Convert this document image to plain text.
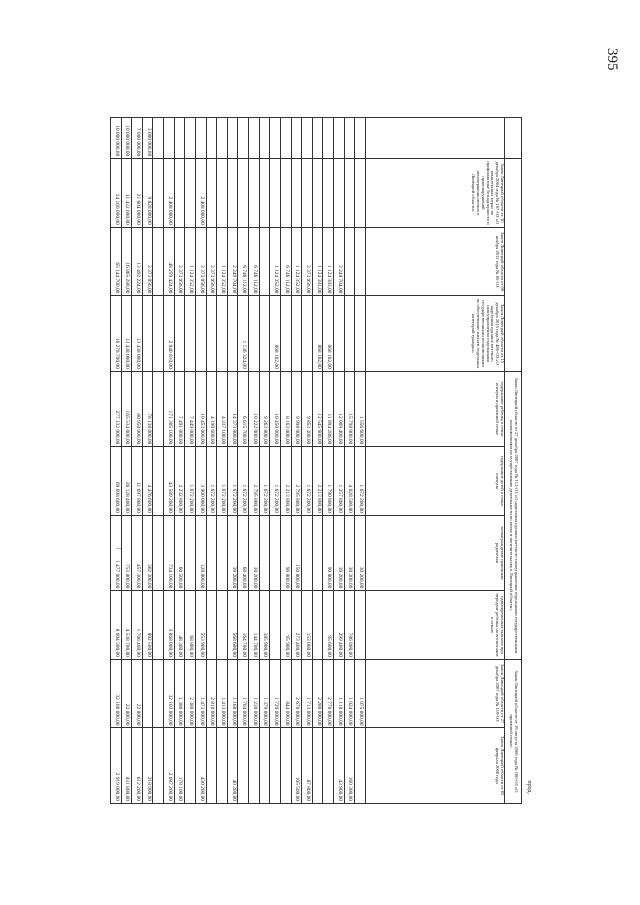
395
—
прод.
				Закон Липецкой области от 27 декабря 2007 года № 113-ОЗ «О наделении органов местного самоуправления отдельными государственными полномочиями по осуществлению деятельности по опеке и попечительству в Липецкой области»				Закон Липецкой области от 19 августа 2008 года № 180-ОЗ «О приемной семье»	
	Закон Липецкой области от 30 декабря 2004 года № 167-ОЗ «О комплексных мерах по профилактике безнадзорности и правонарушений несовершеннолетних в Липецкой области»	Закон Липецкой области от 08 ноября 2012 года № 86-ОЗ	Закон Липецкой области от 15 декабря 2015 года № 486-ОЗ «О наделении органов местного самоуправления отдельными государственными полномочиями по обеспечению жильем отдельных категорий граждан»	содержание ребенка в семье опекуна и приемной семье	содержание детей в семье опекуна	вознаграждение приемным родителям	единовременная выплата при передаче ребенка на воспитание в семью	Закон Липецкой области от 27 декабря 2007 года № 119-ОЗ	Закон Липецкой области от 05 февраля 2008 года
				1 556 600,00	1 672 200,00	30 200,00		1 075 000,00	
				15 798 000,00	4 028 500,00	30 200,00	786 800,00	1 024 000,00	160 300,00
		3 248 704,00		12 009 400,00	1 257 800,00	30 200,00	299 400,00	1 118 000,00	43 900,00
		1 124 383,00	868 162,00	11 894 286,00	1 790 800,00	90 800,00	95 600,00	2 770 000,00	
		1 124 383,00	868 162,00	12 545 900,00	2 213 800,00			2 280 000,00	
		3 373 056,00		9 853 300,00	1 672 200,00		153 000,00	1 713 000,00	87 800,00
		1 124 352,00		9 998 000,00	2 795 800,00	150 800,00	273 400,00	2 670 000,00	105 500,00
		6 746 112,00		8 163 000,00	2 213 800,00	90 800,00	95 900,00	844 000,00	
		1 124 352,00	868 162,00	10 450 000,00	1 672 200,00			1 729 000,00	
				9 263 800,00	1 672 200,00		385 900,00	1 379 000,00	
		6 746 112,00		10 222 000,00	2 795 800,00	30 200,00	144 700,00	1 230 000,00	
		6 746 112,00	1 136 324,00	6 615 700,00	1 672 200,00	60 400,00	164 700,00	1 704 000,00	
		2 249 704,00		14 373 800,00	1 672 200,00	30 200,00	568 600,00	1 168 000,00	40 300,00
		1 124 352,00		4 337 100,00	1 672 200,00			1 413 000,00	
		3 373 056,00		4 190 600,00	1 672 200,00			2 810 000,00	
	2 408 000,00	3 373 056,00		10 453 000,00	3 900 000,00	120 800,00	553 900,00	1 473 000,00	430 200,00
		1 124 352,00		7 449 000,00	1 672 200,00		68 800,00	2 380 000,00	
		3 373 056,00		7 491 000,00	2 232 800,00	60 500,00	48 300,00	1 380 000,00	178 100,00
	2 408 000,00	48 259 424,00	2 840 810,00	171 305 100,00	43 589 200,00	734 100,00	3 868 000,00	32 103 000,00	2 087 200,00

3 000 000,00	9 828 000,00	3 373 056,00		78 138 000,00	4 476 600,00	302 300,00	802 500,00		218 900,00
7 000 000,00	21 604 000,00	13 492 224,00	13 438 000,00	80 958 000,00	11 697 800,00	457 300,00	1 708 400,00	22 800,00	612 200,00
10 000 000,00	31 432 000,00	16 865 280,00	13 438 000,00	165 534 000,00	26 128 400,00	753 800,00	4 538 700,00	22 800,00	831 800,00
10 000 000,00	34 160 000,00	65 144 700,00	16 278 700,00	277 132 000,00	69 698 600,00	1 477 800,00	8 004 300,00	32 100 000,00	2 919 000,00
